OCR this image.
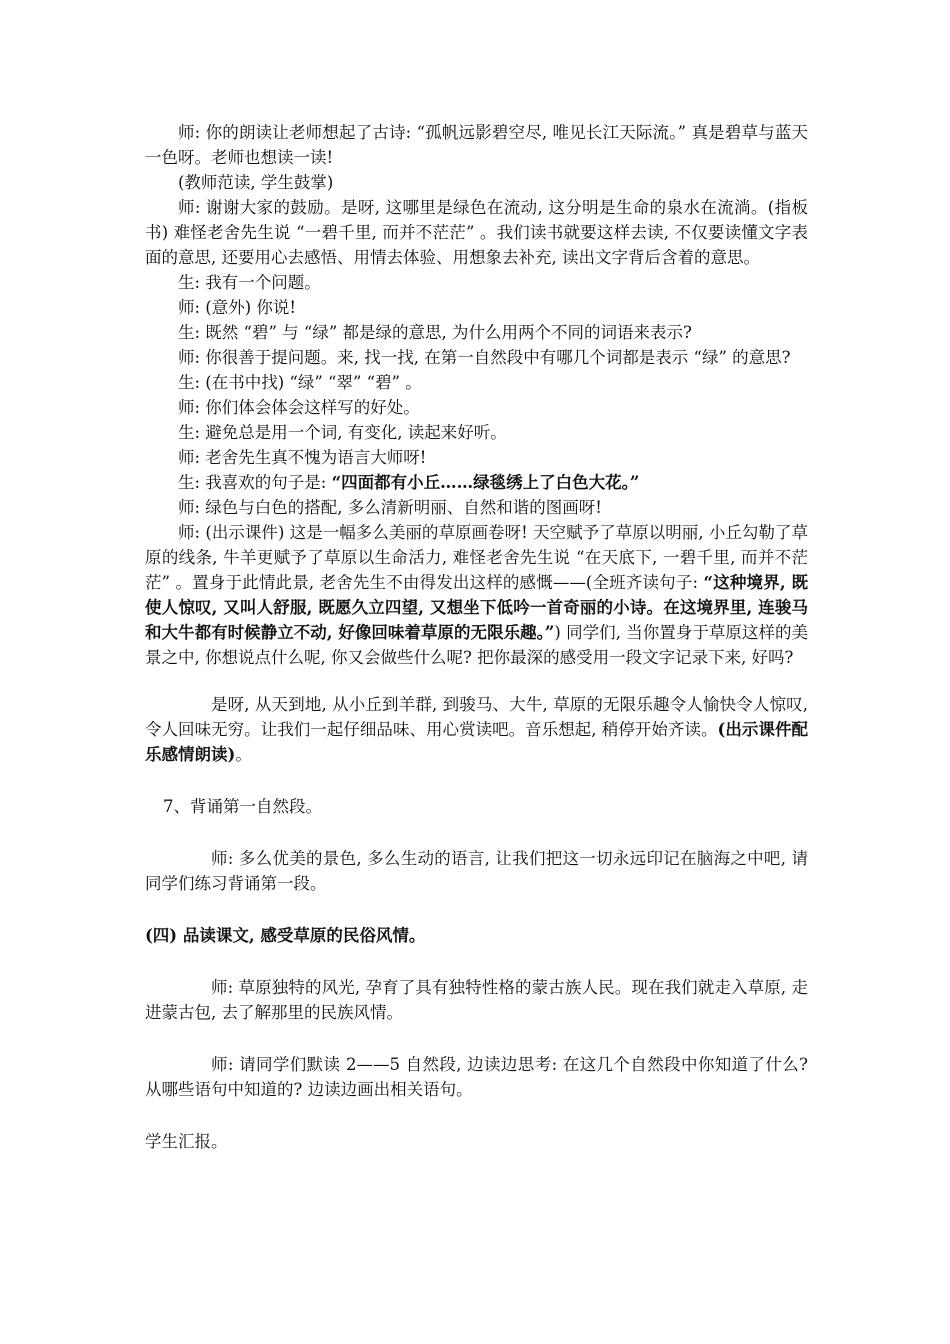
师: 你的朗读让老师想起了古诗: “孤帆远影碧空尽, 唯见长江天际流。” 真是碧草与蓝天一色呀。老师也想读一读!

(教师范读, 学生鼓掌)

师: 谢谢大家的鼓励。是呀, 这哪里是绿色在流动, 这分明是生命的泉水在流淌。(指板书) 难怪老舍先生说 “一碧千里, 而并不茫茫” 。我们读书就要这样去读, 不仅要读懂文字表面的意思, 还要用心去感悟、用情去体验、用想象去补充, 读出文字背后含着的意思。

生: 我有一个问题。

师: (意外) 你说!

生: 既然 “碧” 与 “绿” 都是绿的意思, 为什么用两个不同的词语来表示?

师: 你很善于提问题。来, 找一找, 在第一自然段中有哪几个词都是表示 “绿” 的意思?

生: (在书中找) “绿” “翠” “碧” 。

师: 你们体会体会这样写的好处。

生: 避免总是用一个词, 有变化, 读起来好听。

师: 老舍先生真不愧为语言大师呀!

生: 我喜欢的句子是: “四面都有小丘……绿毯绣上了白色大花。”

师: 绿色与白色的搭配, 多么清新明丽、自然和谐的图画呀!

师: (出示课件) 这是一幅多么美丽的草原画卷呀! 天空赋予了草原以明丽, 小丘勾勒了草原的线条, 牛羊更赋予了草原以生命活力, 难怪老舍先生说 “在天底下, 一碧千里, 而并不茫茫” 。置身于此情此景, 老舍先生不由得发出这样的感慨——(全班齐读句子: “这种境界, 既使人惊叹, 又叫人舒服, 既愿久立四望, 又想坐下低吟一首奇丽的小诗。在这境界里, 连骏马和大牛都有时候静立不动, 好像回味着草原的无限乐趣。”) 同学们, 当你置身于草原这样的美景之中, 你想说点什么呢, 你又会做些什么呢? 把你最深的感受用一段文字记录下来, 好吗?

是呀, 从天到地, 从小丘到羊群, 到骏马、大牛, 草原的无限乐趣令人愉快令人惊叹, 令人回味无穷。让我们一起仔细品味、用心赏读吧。音乐想起, 稍停开始齐读。(出示课件配乐感情朗读)。

7、背诵第一自然段。

师: 多么优美的景色, 多么生动的语言, 让我们把这一切永远印记在脑海之中吧, 请同学们练习背诵第一段。

(四) 品读课文, 感受草原的民俗风情。

师: 草原独特的风光, 孕育了具有独特性格的蒙古族人民。现在我们就走入草原, 走进蒙古包, 去了解那里的民族风情。

师: 请同学们默读 2——5 自然段, 边读边思考: 在这几个自然段中你知道了什么? 从哪些语句中知道的? 边读边画出相关语句。

学生汇报。
